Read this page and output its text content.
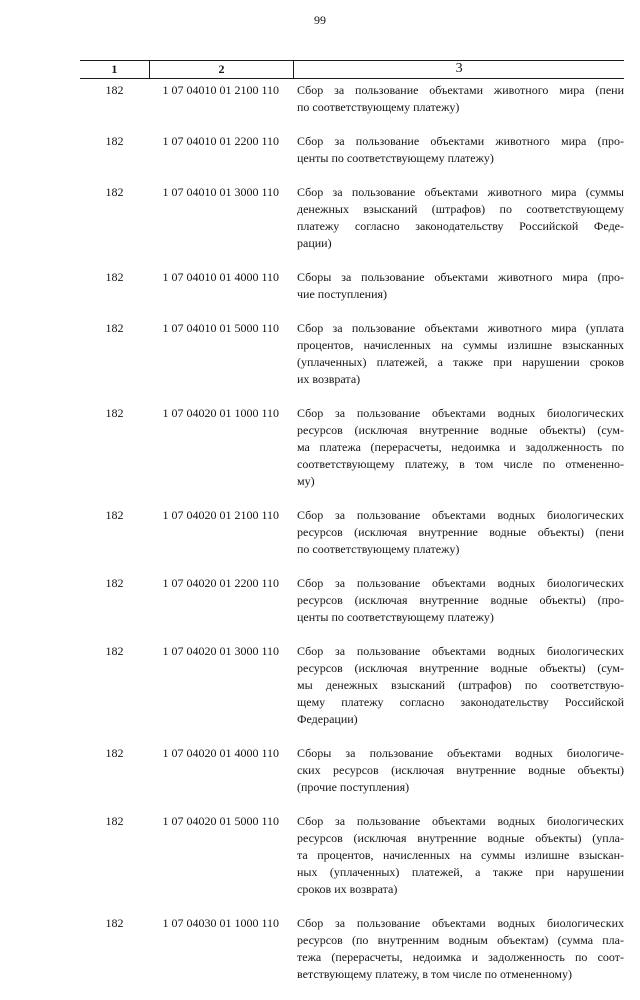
99
1	2	3
182	1 07 04010 01 2100 110	Сбор за пользование объектами животного мира (пени
по соответствующему платежу)
182	1 07 04010 01 2200 110	Сбор за пользование объектами животного мира (про-
центы по соответствующему платежу)
182	1 07 04010 01 3000 110	Сбор за пользование объектами животного мира (суммы
денежных взысканий (штрафов) по соответствующему
платежу согласно законодательству Российской Феде-
рации)
182	1 07 04010 01 4000 110	Сборы за пользование объектами животного мира (про-
чие поступления)
182	1 07 04010 01 5000 110	Сбор за пользование объектами животного мира (уплата
процентов, начисленных на суммы излишне взысканных
(уплаченных) платежей, а также при нарушении сроков
их возврата)
182	1 07 04020 01 1000 110	Сбор за пользование объектами водных биологических
ресурсов (исключая внутренние водные объекты) (сум-
ма платежа (перерасчеты, недоимка и задолженность по
соответствующему платежу, в том числе по отмененно-
му)
182	1 07 04020 01 2100 110	Сбор за пользование объектами водных биологических
ресурсов (исключая внутренние водные объекты) (пени
по соответствующему платежу)
182	1 07 04020 01 2200 110	Сбор за пользование объектами водных биологических
ресурсов (исключая внутренние водные объекты) (про-
центы по соответствующему платежу)
182	1 07 04020 01 3000 110	Сбор за пользование объектами водных биологических
ресурсов (исключая внутренние водные объекты) (сум-
мы денежных взысканий (штрафов) по соответствую-
щему платежу согласно законодательству Российской
Федерации)
182	1 07 04020 01 4000 110	Сборы за пользование объектами водных биологиче-
ских ресурсов (исключая внутренние водные объекты)
(прочие поступления)
182	1 07 04020 01 5000 110	Сбор за пользование объектами водных биологических
ресурсов (исключая внутренние водные объекты) (упла-
та процентов, начисленных на суммы излишне взыскан-
ных (уплаченных) платежей, а также при нарушении
сроков их возврата)
182	1 07 04030 01 1000 110	Сбор за пользование объектами водных биологических
ресурсов (по внутренним водным объектам) (сумма пла-
тежа (перерасчеты, недоимка и задолженность по соот-
ветствующему платежу, в том числе по отмененному)
